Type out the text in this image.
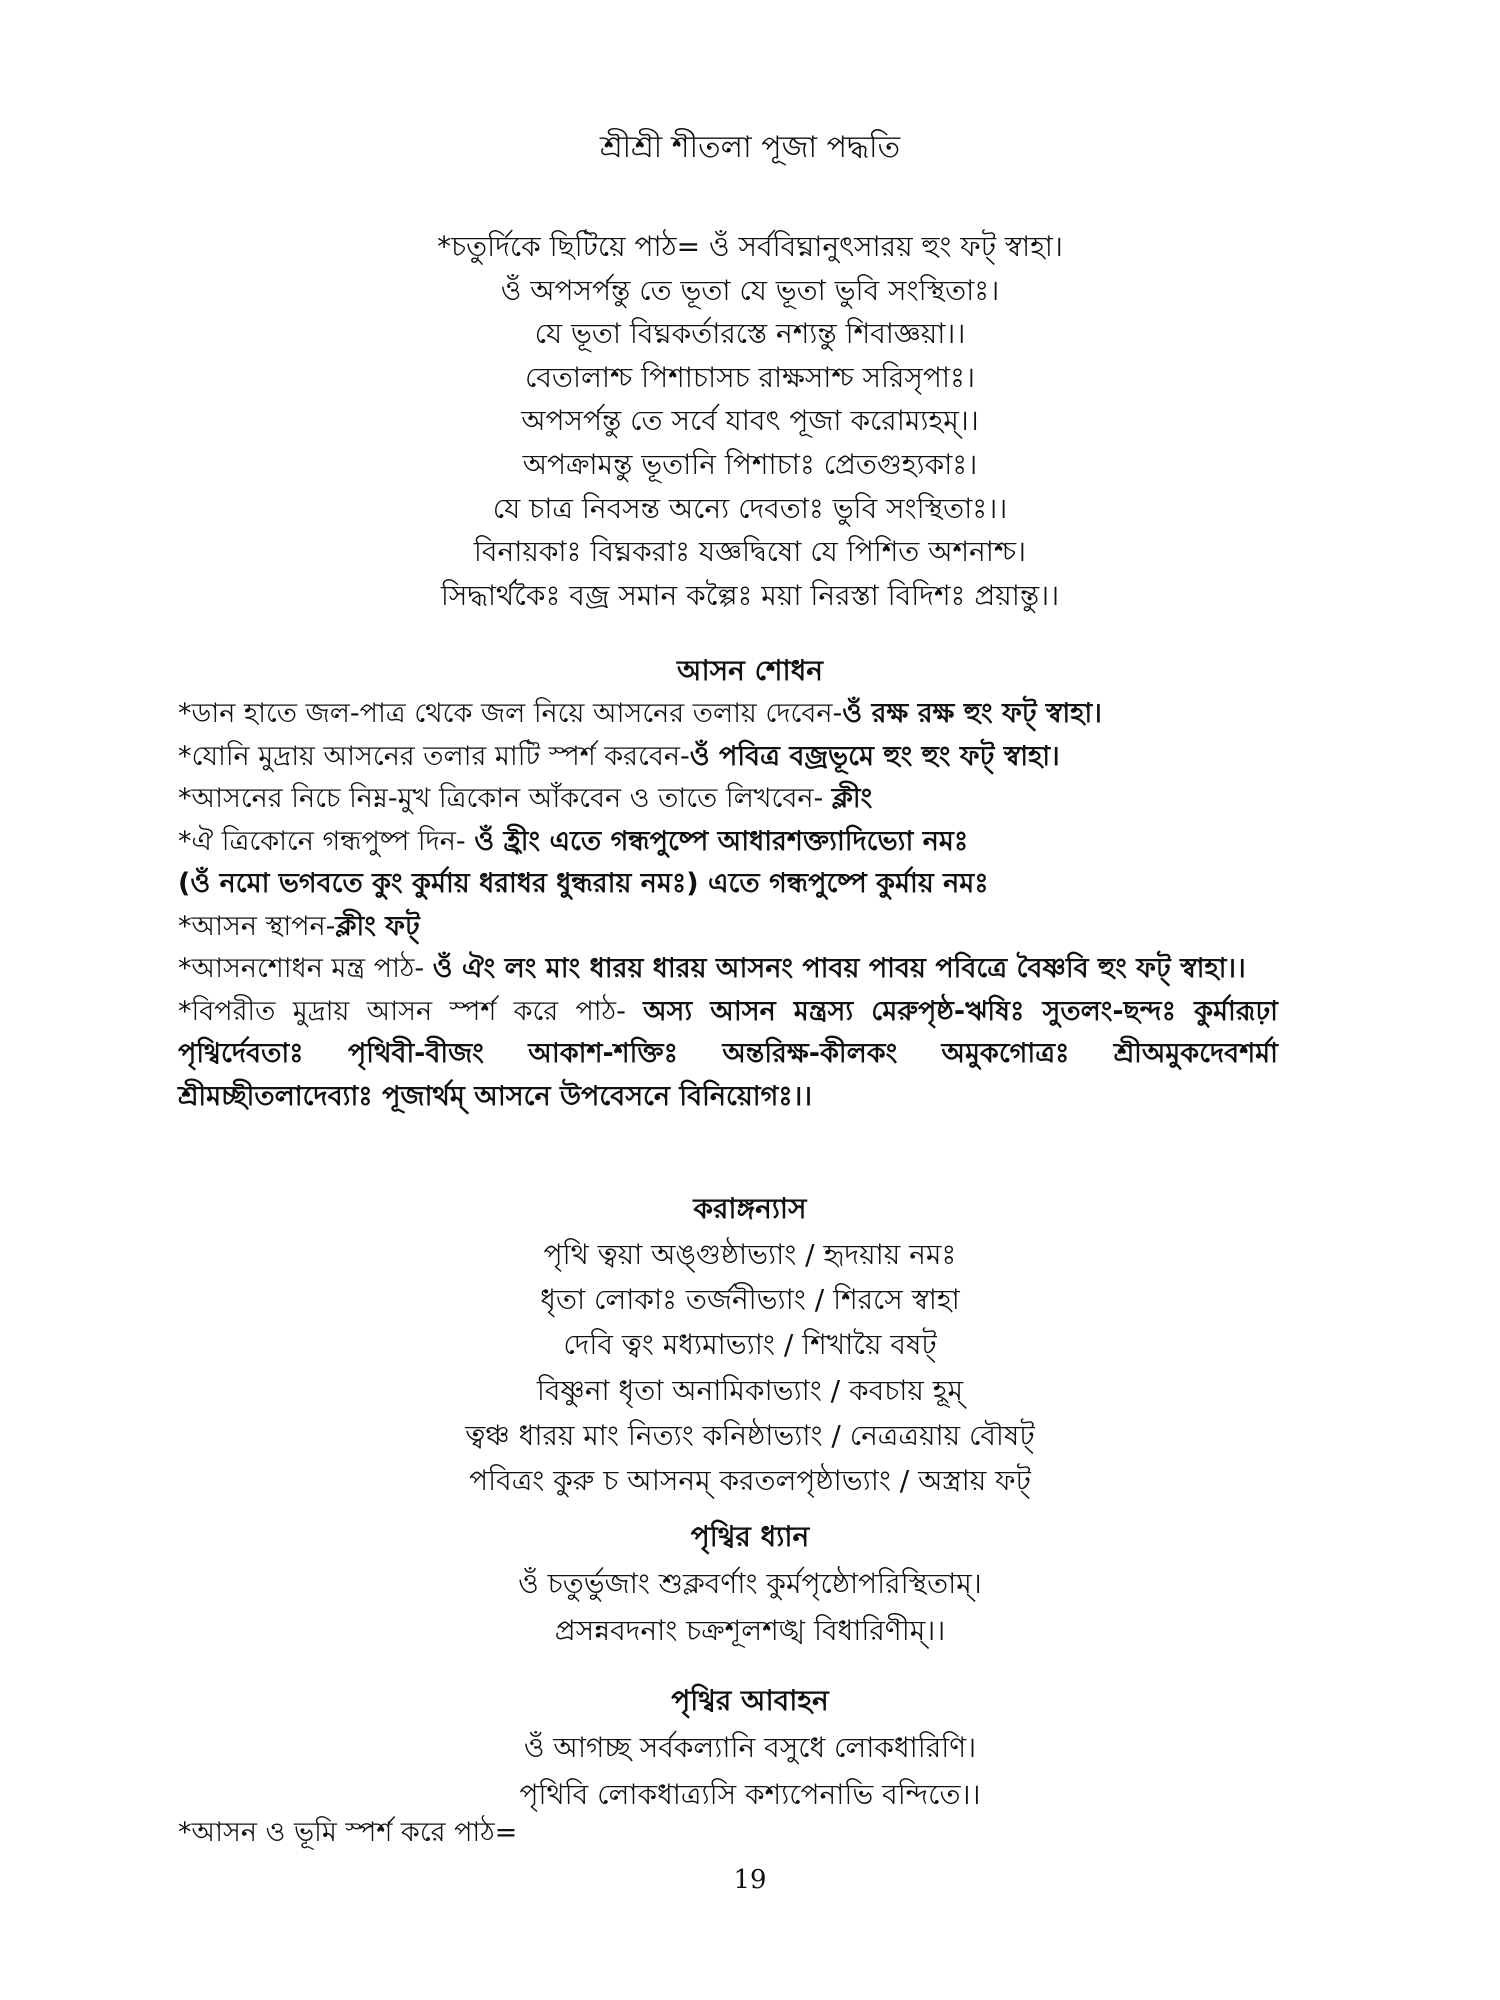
শ্রীশ্রী শীতলা পূজা পদ্ধতি
*চতুর্দিকে ছিটিয়ে পাঠ= ওঁ সর্ববিঘ্নানুৎসারয় হুং ফট্ স্বাহা।
ওঁ অপসর্পন্তু তে ভূতা যে ভূতা ভুবি সংস্থিতাঃ।
যে ভূতা বিঘ্নকর্তারস্তে নশ্যন্তু শিবাজ্ঞয়া।।
বেতালাশ্চ পিশাচাসচ রাক্ষসাশ্চ সরিসৃপাঃ।
অপসর্পন্তু তে সর্বে যাবৎ পূজা করোম্যহম্।।
অপক্রামন্তু ভূতানি পিশাচাঃ প্রেতগুহ্যকাঃ।
যে চাত্র নিবসন্ত অন্যে দেবতাঃ ভুবি সংস্থিতাঃ।।
বিনায়কাঃ বিঘ্নকরাঃ যজ্ঞদ্বিষো যে পিশিত অশনাশ্চ।
সিদ্ধার্থকৈঃ বজ্র সমান কল্পৈঃ ময়া নিরস্তা বিদিশঃ প্রয়ান্তু।।
আসন শোধন
*ডান হাতে জল-পাত্র থেকে জল নিয়ে আসনের তলায় দেবেন-ওঁ রক্ষ রক্ষ হুং ফট্ স্বাহা।
*যোনি মুদ্রায় আসনের তলার মাটি স্পর্শ করবেন-ওঁ পবিত্র বজ্রভূমে হুং হুং ফট্ স্বাহা।
*আসনের নিচে নিম্ন-মুখ ত্রিকোন আঁকবেন ও তাতে লিখবেন- ক্লীং
*ঐ ত্রিকোনে গন্ধপুষ্প দিন- ওঁ হ্রীং এতে গন্ধপুষ্পে আধারশক্ত্যাদিভ্যো নমঃ
(ওঁ নমো ভগবতে কুং কুর্মায় ধরাধর ধুন্ধরায় নমঃ) এতে গন্ধপুষ্পে কুর্মায় নমঃ
*আসন স্থাপন-ক্লীং ফট্
*আসনশোধন মন্ত্র পাঠ- ওঁ ঐং লং মাং ধারয় ধারয় আসনং পাবয় পাবয় পবিত্রে বৈষ্ণবি হুং ফট্ স্বাহা।।
*বিপরীত মুদ্রায় আসন স্পর্শ করে পাঠ- অস্য আসন মন্ত্রস্য মেরুপৃষ্ঠ-ঋষিঃ সুতলং-ছন্দঃ কুর্মারূঢ়া পৃথ্বির্দেবতাঃ পৃথিবী-বীজং আকাশ-শক্তিঃ অন্তরিক্ষ-কীলকং অমুকগোত্রঃ শ্রীঅমুকদেবশর্মা শ্রীমচ্ছীতলাদেব্যাঃ পূজার্থম্ আসনে উপবেসনে বিনিয়োগঃ।।
করাঙ্গন্যাস
পৃথি ত্বয়া অঙ্গুষ্ঠাভ্যাং / হৃদয়ায় নমঃ
ধৃতা লোকাঃ তর্জনীভ্যাং / শিরসে স্বাহা
দেবি ত্বং মধ্যমাভ্যাং / শিখায়ৈ বষট্
বিষ্ণুনা ধৃতা অনামিকাভ্যাং / কবচায় হূম্
ত্বঞ্চ ধারয় মাং নিত্যং কনিষ্ঠাভ্যাং / নেত্রত্রয়ায় বৌষট্
পবিত্রং কুরু চ আসনম্ করতলপৃষ্ঠাভ্যাং / অস্ত্রায় ফট্
পৃথ্বির ধ্যান
ওঁ চতুর্ভুজাং শুক্লবর্ণাং কুর্মপৃষ্ঠোপরিস্থিতাম্।
প্রসন্নবদনাং চক্রশূলশঙ্খ বিধারিণীম্।।
পৃথ্বির আবাহন
ওঁ আগচ্ছ সর্বকল্যানি বসুধে লোকধারিণি।
পৃথিবি লোকধাত্র্যসি কশ্যপেনাভি বন্দিতে।।
*আসন ও ভূমি স্পর্শ করে পাঠ=
19
